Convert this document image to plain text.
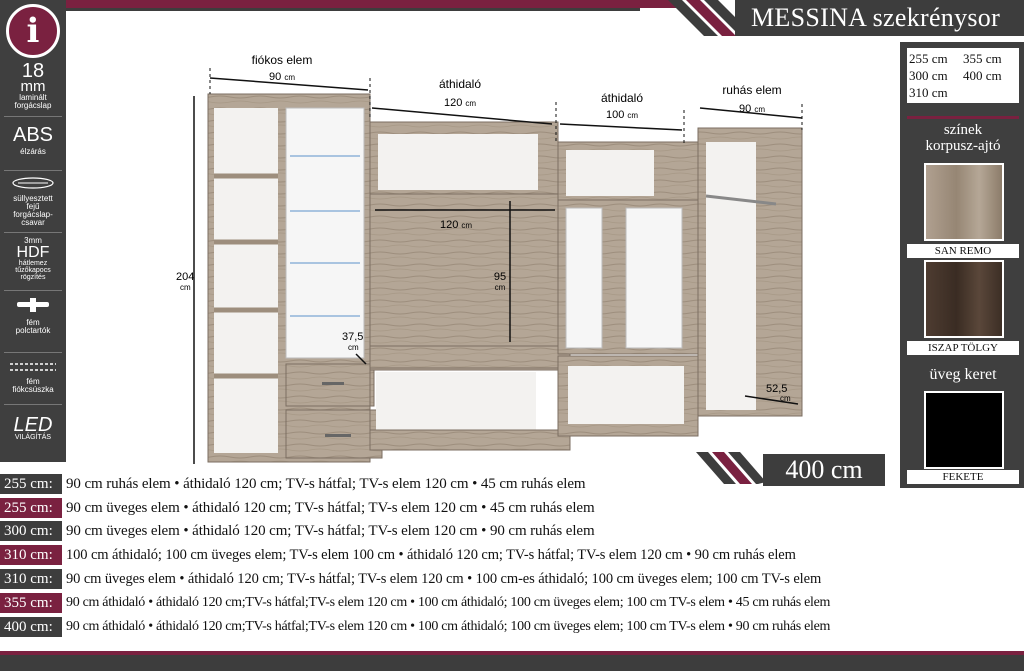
MESSINA szekrénysor
i
18
mm
laminált
forgácslap
ABS
élzárás
süllyesztett
fejű
forgácslap-
csavar
3mm
HDF
hátlemez
tűzőkapocs
rögzítés
fém
polctartók
fém
fiókcsúszka
LED
VILÁGÍTÁS
255 cm	355 cm
300 cm	400 cm
310 cm
színek
korpusz-ajtó
SAN REMO
ISZAP TÖLGY
üveg keret
FEKETE
fiókos elem
90 cm	áthidaló
120 cm	áthidaló
100 cm
ruhás elem
90 cm
204
cm
120 cm
95
cm
37,5
cm
52,5
cm
400 cm
255 cm: 90 cm ruhás elem • áthidaló 120 cm; TV-s hátfal; TV-s elem 120 cm • 45 cm ruhás elem
255 cm: 90 cm üveges elem • áthidaló 120 cm; TV-s hátfal; TV-s elem 120 cm • 45 cm ruhás elem
300 cm: 90 cm üveges elem • áthidaló 120 cm; TV-s hátfal; TV-s elem 120 cm • 90 cm ruhás elem
310 cm: 100 cm áthidaló; 100 cm üveges elem; TV-s elem 100 cm • áthidaló 120 cm; TV-s hátfal; TV-s elem 120 cm • 90 cm ruhás elem
310 cm: 90 cm üveges elem • áthidaló 120 cm; TV-s hátfal; TV-s elem 120 cm • 100 cm-es áthidaló; 100 cm üveges elem; 100 cm TV-s elem
355 cm: 90 cm áthidaló • áthidaló 120 cm;TV-s hátfal;TV-s elem 120 cm • 100 cm áthidaló; 100 cm üveges elem; 100 cm TV-s elem • 45 cm ruhás elem
400 cm: 90 cm áthidaló • áthidaló 120 cm;TV-s hátfal;TV-s elem 120 cm • 100 cm áthidaló; 100 cm üveges elem; 100 cm TV-s elem • 90 cm ruhás elem
